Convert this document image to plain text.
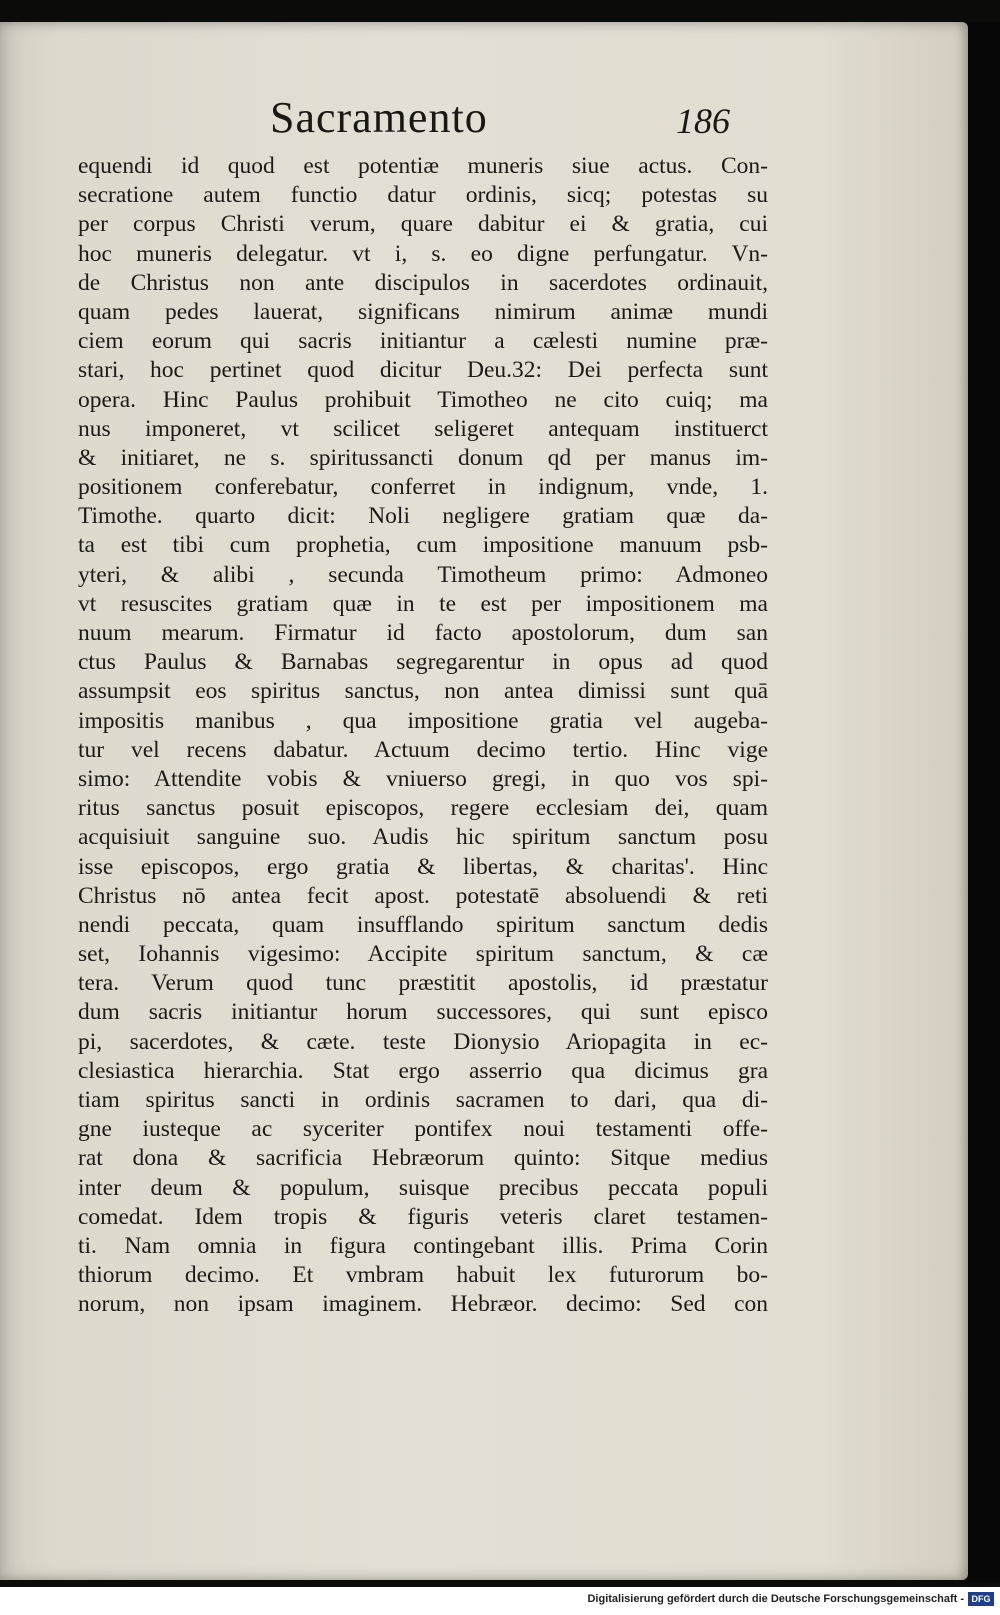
Sacramento	186
equendi id quod est potentiæ muneris siue actus. Con-
secratione autem functio datur ordinis, sicq; potestas su
per corpus Christi verum, quare dabitur ei & gratia, cui
hoc muneris delegatur. vt i, s. eo digne perfungatur. Vn-
de Christus non ante discipulos in sacerdotes ordinauit,
quam pedes lauerat, significans nimirum animæ mundi
ciem eorum qui sacris initiantur a cælesti numine præ-
stari, hoc pertinet quod dicitur Deu.32: Dei perfecta sunt
opera. Hinc Paulus prohibuit Timotheo ne cito cuiq; ma
nus imponeret, vt scilicet seligeret antequam instituerct
& initiaret, ne s. spiritussancti donum qd per manus im-
positionem conferebatur, conferret in indignum, vnde, 1.
Timothe. quarto dicit: Noli negligere gratiam quæ da-
ta est tibi cum prophetia, cum impositione manuum psb-
yteri, & alibi , secunda Timotheum primo: Admoneo
vt resuscites gratiam quæ in te est per impositionem ma
nuum mearum. Firmatur id facto apostolorum, dum san
ctus Paulus & Barnabas segregarentur in opus ad quod
assumpsit eos spiritus sanctus, non antea dimissi sunt quā
impositis manibus , qua impositione gratia vel augeba-
tur vel recens dabatur. Actuum decimo tertio. Hinc vige
simo: Attendite vobis & vniuerso gregi, in quo vos spi-
ritus sanctus posuit episcopos, regere ecclesiam dei, quam
acquisiuit sanguine suo. Audis hic spiritum sanctum posu
isse episcopos, ergo gratia & libertas, & charitas'. Hinc
Christus nō antea fecit apost. potestatē absoluendi & reti
nendi peccata, quam insufflando spiritum sanctum dedis
set, Iohannis vigesimo: Accipite spiritum sanctum, & cæ
tera. Verum quod tunc præstitit apostolis, id præstatur
dum sacris initiantur horum successores, qui sunt episco
pi, sacerdotes, & cæte. teste Dionysio Ariopagita in ec-
clesiastica hierarchia. Stat ergo asserrio qua dicimus gra
tiam spiritus sancti in ordinis sacramen to dari, qua di-
gne iusteque ac syceriter pontifex noui testamenti offe-
rat dona & sacrificia Hebræorum quinto: Sitque medius
inter deum & populum, suisque precibus peccata populi
comedat. Idem tropis & figuris veteris claret testamen-
ti. Nam omnia in figura contingebant illis. Prima Corin
thiorum decimo. Et vmbram habuit lex futurorum bo-
norum, non ipsam imaginem. Hebræor. decimo: Sed con
Digitalisierung gefördert durch die Deutsche Forschungsgemeinschaft - DFG
